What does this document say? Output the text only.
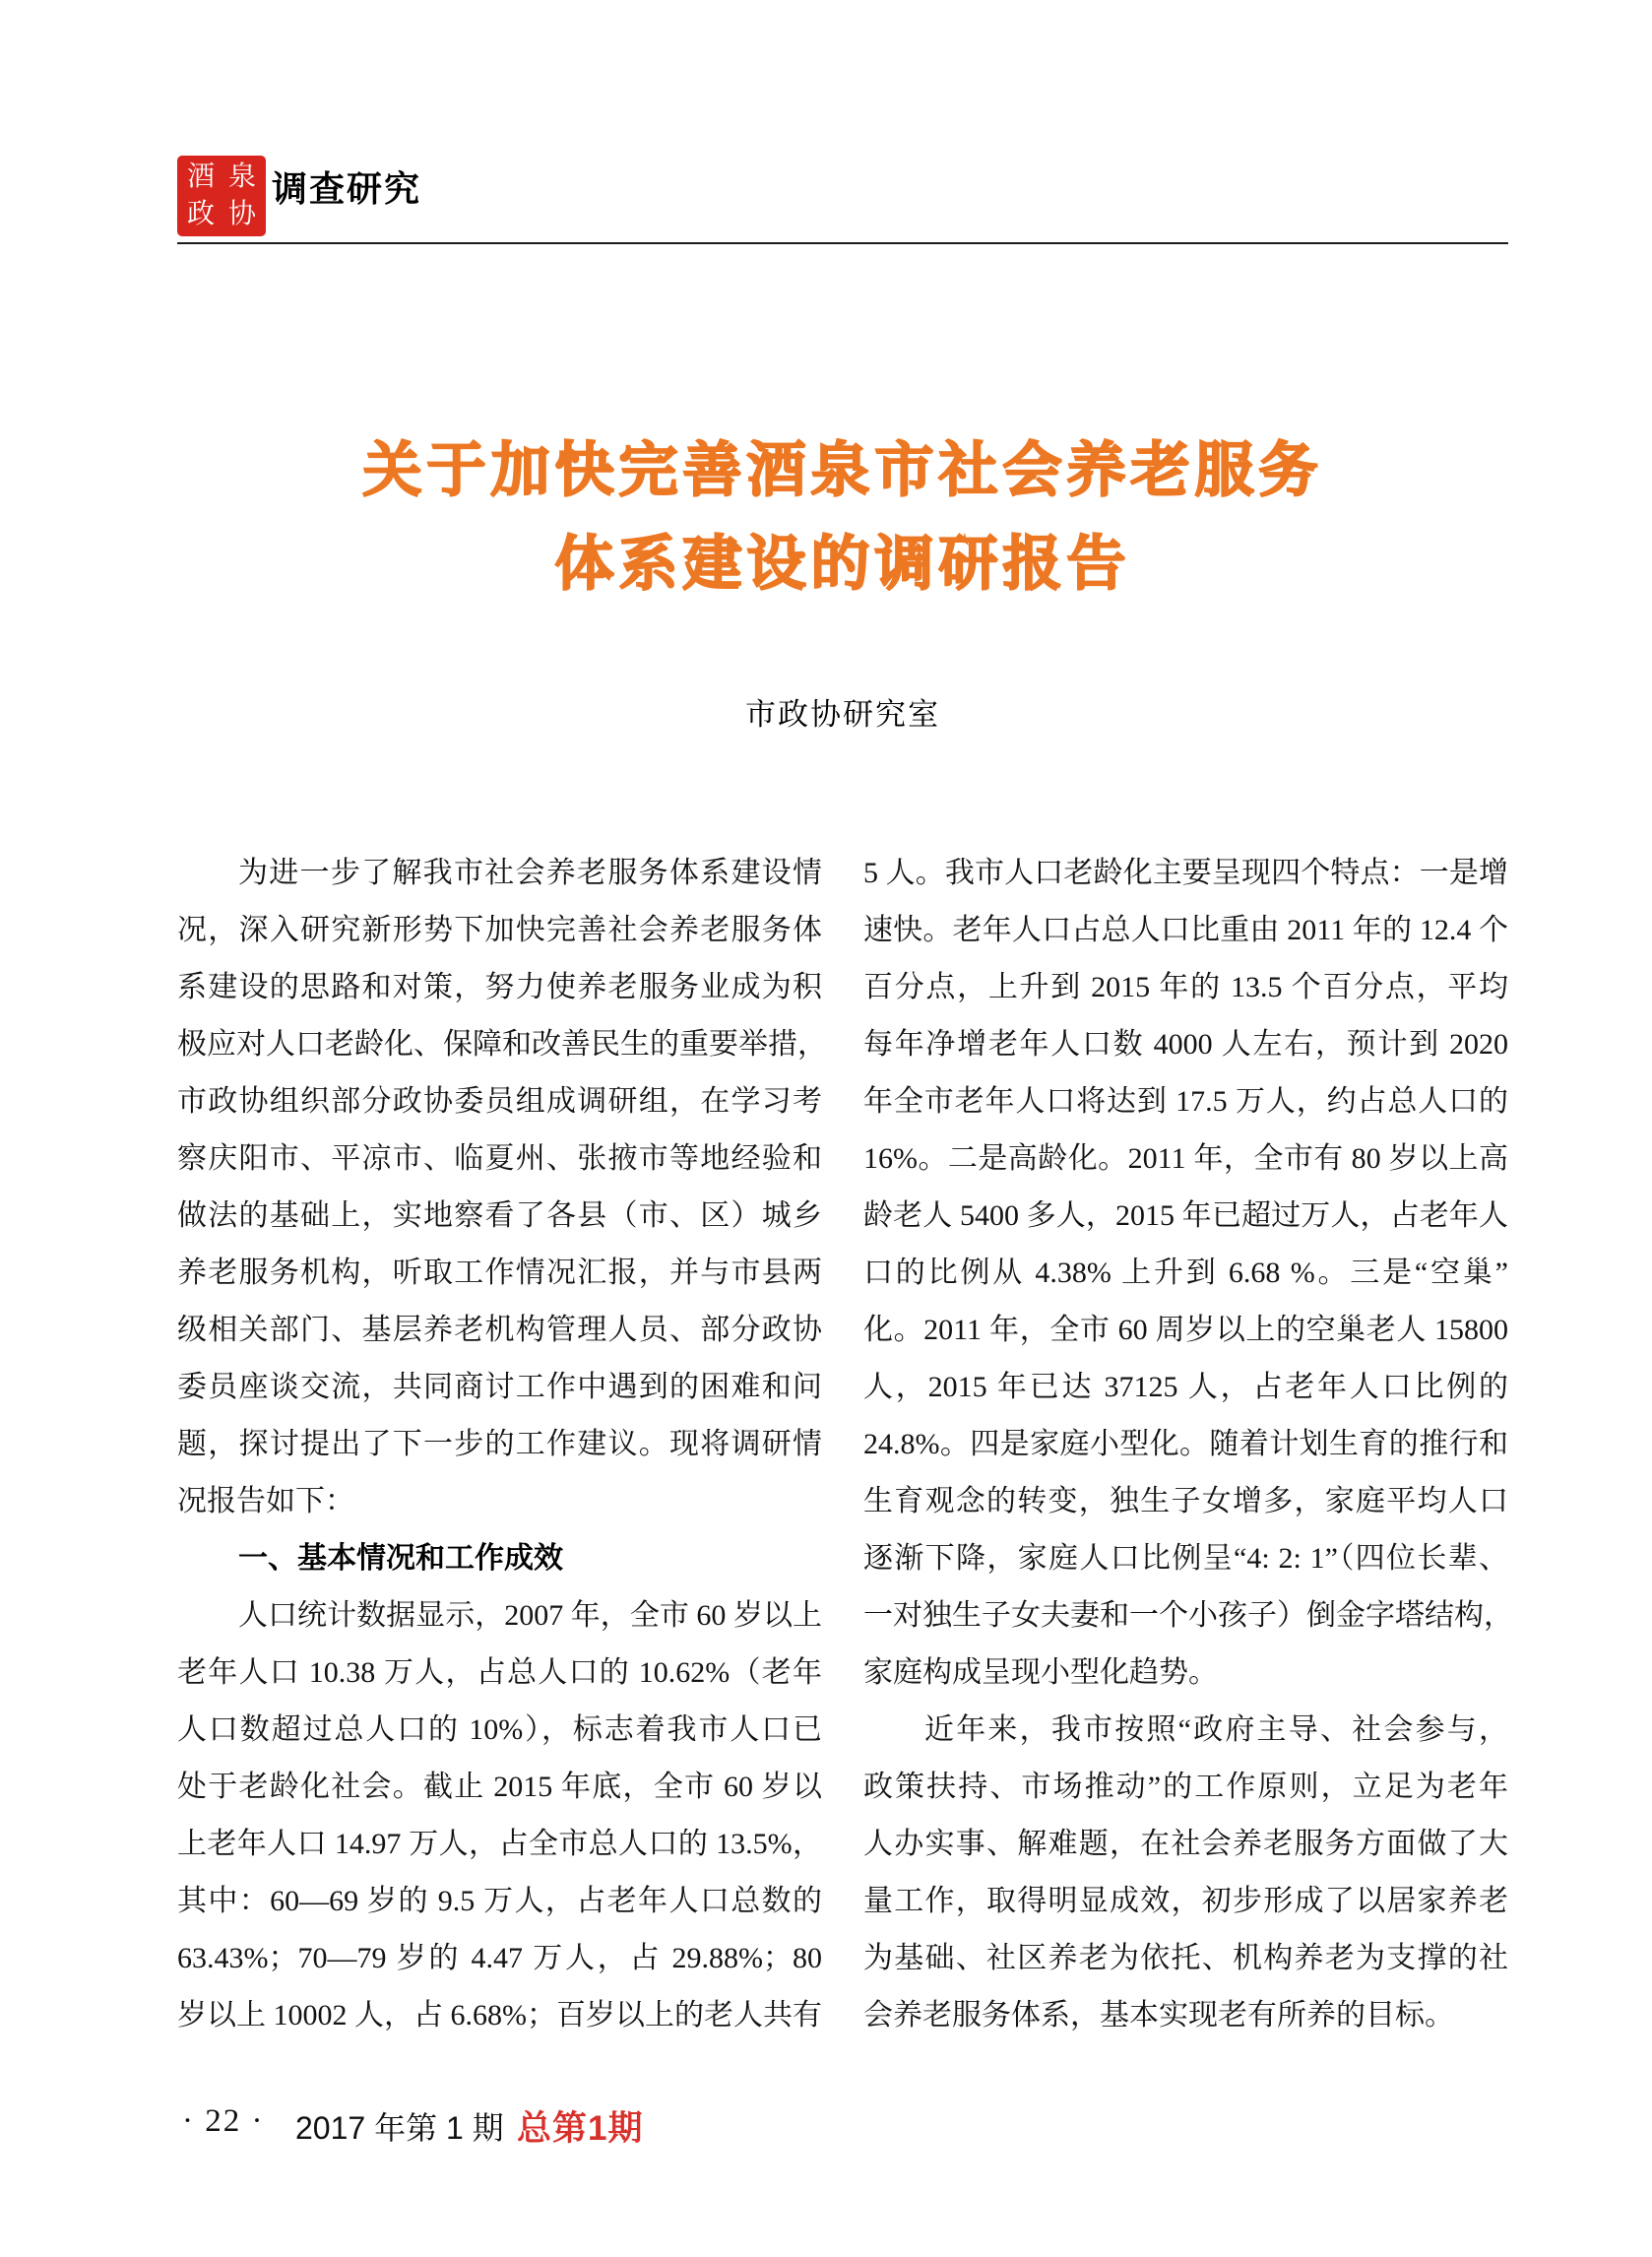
酒 泉
政 协
调查研究
关于加快完善酒泉市社会养老服务
体系建设的调研报告
市政协研究室
为进一步了解我市社会养老服务体系建设情
况，深入研究新形势下加快完善社会养老服务体
系建设的思路和对策，努力使养老服务业成为积
极应对人口老龄化、保障和改善民生的重要举措，
市政协组织部分政协委员组成调研组，在学习考
察庆阳市、平凉市、临夏州、张掖市等地经验和
做法的基础上，实地察看了各县（市、区）城乡
养老服务机构，听取工作情况汇报，并与市县两
级相关部门、基层养老机构管理人员、部分政协
委员座谈交流，共同商讨工作中遇到的困难和问
题，探讨提出了下一步的工作建议。现将调研情
况报告如下：
一、基本情况和工作成效
人口统计数据显示，2007 年，全市 60 岁以上
老年人口 10.38 万人，占总人口的 10.62%（老年
人口数超过总人口的 10%），标志着我市人口已
处于老龄化社会。截止 2015 年底，全市 60 岁以
上老年人口 14.97 万人，占全市总人口的 13.5%，
其中：60—69 岁的 9.5 万人，占老年人口总数的
63.43%；70—79 岁的 4.47 万人，占 29.88%；80
岁以上 10002 人，占 6.68%；百岁以上的老人共有
5 人。我市人口老龄化主要呈现四个特点：一是增
速快。老年人口占总人口比重由 2011 年的 12.4 个
百分点，上升到 2015 年的 13.5 个百分点，平均
每年净增老年人口数 4000 人左右，预计到 2020
年全市老年人口将达到 17.5 万人，约占总人口的
16%。二是高龄化。2011 年，全市有 80 岁以上高
龄老人 5400 多人，2015 年已超过万人，占老年人
口的比例从 4.38% 上升到 6.68 %。三是“空巢”
化。2011 年，全市 60 周岁以上的空巢老人 15800
人，2015 年已达 37125 人，占老年人口比例的
24.8%。四是家庭小型化。随着计划生育的推行和
生育观念的转变，独生子女增多，家庭平均人口
逐渐下降，家庭人口比例呈“4: 2: 1”（四位长辈、
一对独生子女夫妻和一个小孩子）倒金字塔结构，
家庭构成呈现小型化趋势。
近年来，我市按照“政府主导、社会参与，
政策扶持、市场推动”的工作原则，立足为老年
人办实事、解难题，在社会养老服务方面做了大
量工作，取得明显成效，初步形成了以居家养老
为基础、社区养老为依托、机构养老为支撑的社
会养老服务体系，基本实现老有所养的目标。
· 22 · 2017 年第 1 期 总第1期
